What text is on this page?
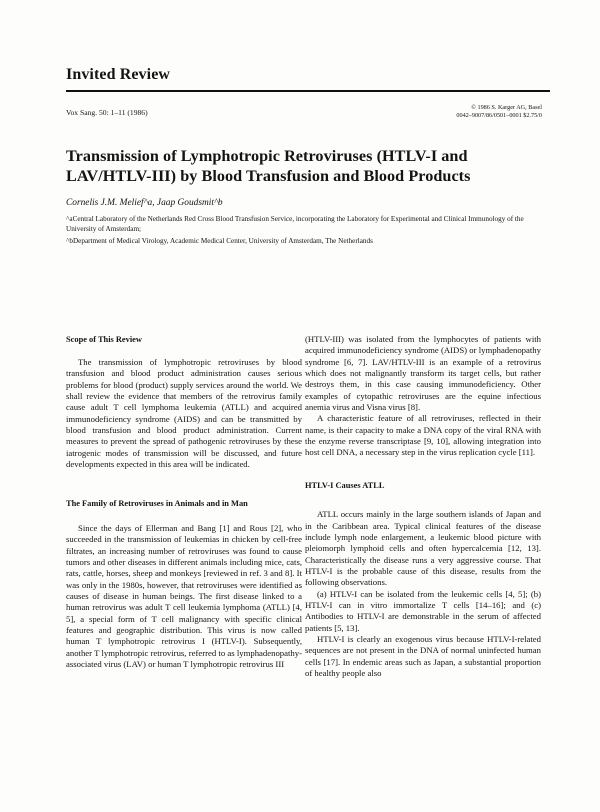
Invited Review
Vox Sang. 50: 1–11 (1986)
© 1986 S. Karger AG, Basel
0042–9007/86/0501–0001 $2.75/0
Transmission of Lymphotropic Retroviruses (HTLV-I and LAV/HTLV-III) by Blood Transfusion and Blood Products
Cornelis J.M. Melief^a, Jaap Goudsmit^b

^aCentral Laboratory of the Netherlands Red Cross Blood Transfusion Service, incorporating the Laboratory for Experimental and Clinical Immunology of the University of Amsterdam;

^bDepartment of Medical Virology, Academic Medical Center, University of Amsterdam, The Netherlands

Scope of This Review

The transmission of lymphotropic retroviruses by blood transfusion and blood product administration causes serious problems for blood (product) supply services around the world. We shall review the evidence that members of the retrovirus family cause adult T cell lymphoma leukemia (ATLL) and acquired immunodeficiency syndrome (AIDS) and can be transmitted by blood transfusion and blood product administration. Current measures to prevent the spread of pathogenic retroviruses by these iatrogenic modes of transmission will be discussed, and future developments expected in this area will be indicated.

The Family of Retroviruses in Animals and in Man

Since the days of Ellerman and Bang [1] and Rous [2], who succeeded in the transmission of leukemias in chicken by cell-free filtrates, an increasing number of retroviruses was found to cause tumors and other diseases in different animals including mice, cats, rats, cattle, horses, sheep and monkeys [reviewed in ref. 3 and 8]. It was only in the 1980s, however, that retroviruses were identified as causes of disease in human beings. The first disease linked to a human retrovirus was adult T cell leukemia lymphoma (ATLL) [4, 5], a special form of T cell malignancy with specific clinical features and geographic distribution. This virus is now called human T lymphotropic retrovirus I (HTLV-I). Subsequently, another T lymphotropic retrovirus, referred to as lymphadenopathy-associated virus (LAV) or human T lymphotropic retrovirus III

(HTLV-III) was isolated from the lymphocytes of patients with acquired immunodeficiency syndrome (AIDS) or lymphadenopathy syndrome [6, 7]. LAV/HTLV-III is an example of a retrovirus which does not malignantly transform its target cells, but rather destroys them, in this case causing immunodeficiency. Other examples of cytopathic retroviruses are the equine infectious anemia virus and Visna virus [8].

A characteristic feature of all retroviruses, reflected in their name, is their capacity to make a DNA copy of the viral RNA with the enzyme reverse transcriptase [9, 10], allowing integration into host cell DNA, a necessary step in the virus replication cycle [11].

HTLV-I Causes ATLL

ATLL occurs mainly in the large southern islands of Japan and in the Caribbean area. Typical clinical features of the disease include lymph node enlargement, a leukemic blood picture with pleiomorph lymphoid cells and often hypercalcemia [12, 13]. Characteristically the disease runs a very aggressive course. That HTLV-I is the probable cause of this disease, results from the following observations.

(a) HTLV-I can be isolated from the leukemic cells [4, 5]; (b) HTLV-I can in vitro immortalize T cells [14–16]; and (c) Antibodies to HTLV-I are demonstrable in the serum of affected patients [5, 13].

HTLV-I is clearly an exogenous virus because HTLV-I-related sequences are not present in the DNA of normal uninfected human cells [17]. In endemic areas such as Japan, a substantial proportion of healthy people also
